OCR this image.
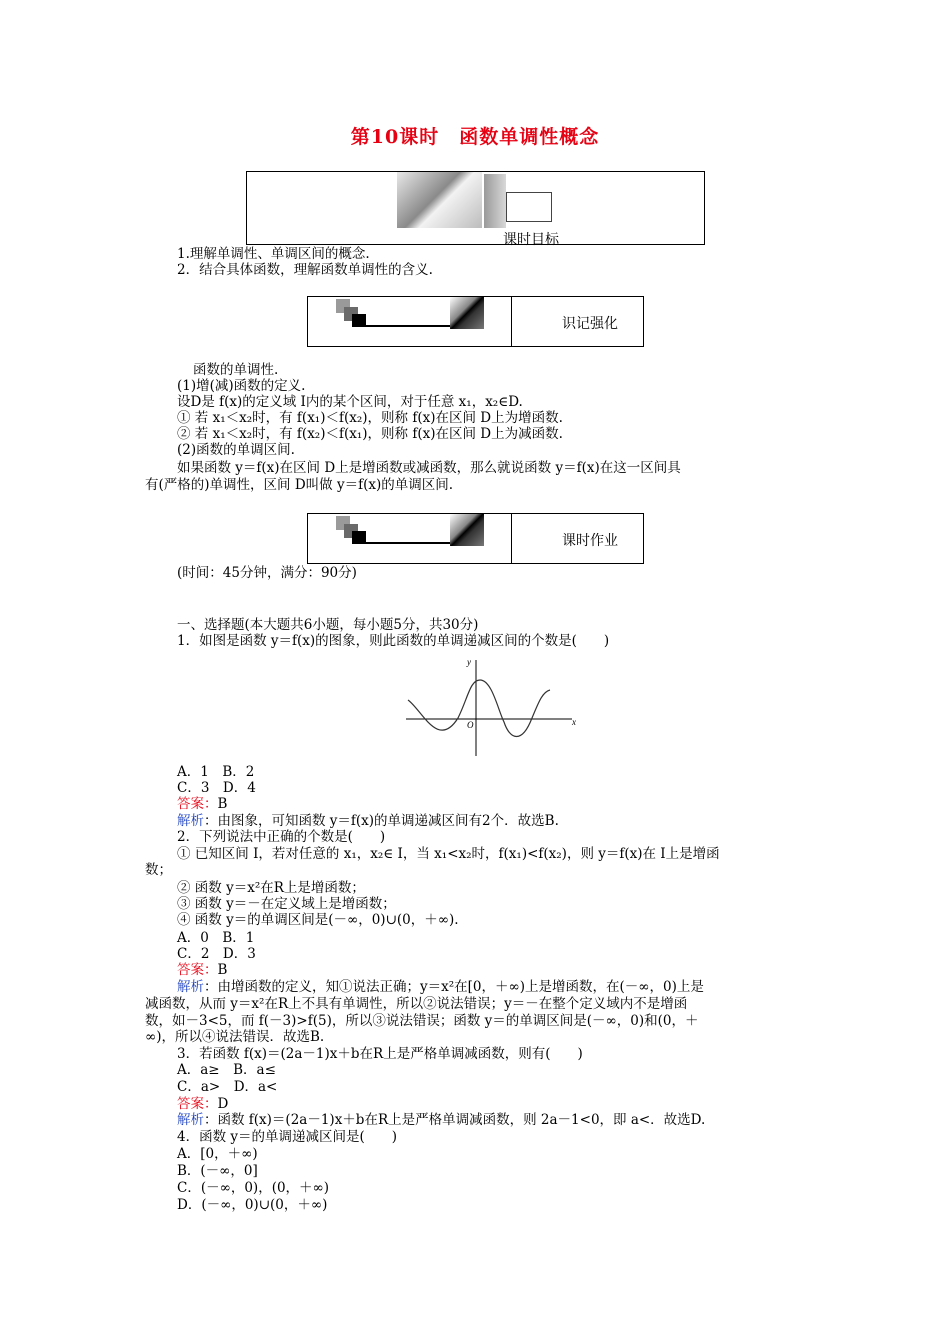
第10课时　函数单调性概念
课时目标
1.理解单调性、单调区间的概念.
2．结合具体函数，理解函数单调性的含义.
识记强化
函数的单调性.
(1)增(减)函数的定义.
设D是 f(x)的定义域 I内的某个区间，对于任意 x₁，x₂∈D.
① 若 x₁＜x₂时，有 f(x₁)＜f(x₂)，则称 f(x)在区间 D上为增函数.
② 若 x₁＜x₂时，有 f(x₂)＜f(x₁)，则称 f(x)在区间 D上为减函数.
(2)函数的单调区间.
如果函数 y＝f(x)在区间 D上是增函数或减函数，那么就说函数 y＝f(x)在这一区间具
有(严格的)单调性，区间 D叫做 y＝f(x)的单调区间.
课时作业
(时间：45分钟，满分：90分)
一、选择题(本大题共6小题，每小题5分，共30分)
1．如图是函数 y＝f(x)的图象，则此函数的单调递减区间的个数是(　　)
y
x
O
A．1　B．2
C．3　D．4
答案：B
解析：由图象，可知函数 y＝f(x)的单调递减区间有2个．故选B.
2．下列说法中正确的个数是(　　)
① 已知区间 I，若对任意的 x₁，x₂∈ I，当 x₁<x₂时，f(x₁)<f(x₂)，则 y＝f(x)在 I上是增函
数；
② 函数 y＝x²在R上是增函数；
③ 函数 y＝－在定义域上是增函数；
④ 函数 y＝的单调区间是(－∞，0)∪(0，＋∞).
A．0　B．1
C．2　D．3
答案：B
解析：由增函数的定义，知①说法正确；y＝x²在[0，＋∞)上是增函数，在(－∞，0)上是
减函数，从而 y＝x²在R上不具有单调性，所以②说法错误；y＝－在整个定义域内不是增函
数，如－3<5，而 f(－3)>f(5)，所以③说法错误；函数 y＝的单调区间是(－∞，0)和(0，＋
∞)，所以④说法错误．故选B.
3．若函数 f(x)＝(2a－1)x＋b在R上是严格单调减函数，则有(　　)
A．a≥　B．a≤
C．a>　D．a<
答案：D
解析：函数 f(x)＝(2a－1)x＋b在R上是严格单调减函数，则 2a－1<0，即 a<．故选D.
4．函数 y＝的单调递减区间是(　　)
A．[0，＋∞)
B．(－∞，0]
C．(－∞，0)，(0，＋∞)
D．(－∞，0)∪(0，＋∞)
